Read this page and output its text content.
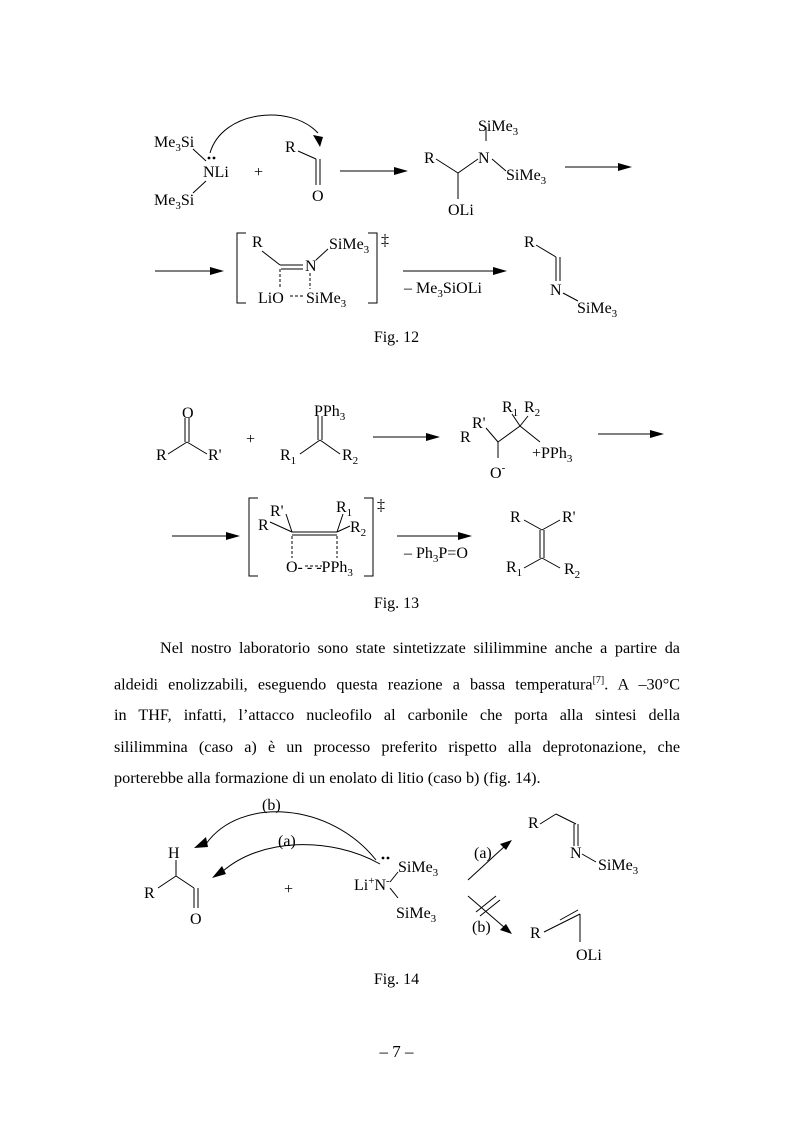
$Me_3Si$
NLi
$Me_3Si$
+
R
O
SiMe$_3$
R	N
SiMe$_3$
OLi
R
N
SiMe$_3$
LiO SiMe$_3$
‡
– $Me_3SiOLi$
R
N
SiMe$_3$
Fig. 12
O
R	R'
+
PPh$_3$
$R_1$	$R_2$
$R_1$ $R_2$
R'
R
+PPh$_3$
O-
R'
R
$R_1$
$R_2$
O- - -PPh$_3$
‡
– $Ph_3P=O$
R	R'
$R_1$	$R_2$
Fig. 13
Nel nostro laboratorio sono state sintetizzate sililimmine anche a partire da
aldeidi enolizzabili, eseguendo questa reazione a bassa temperatura[7]. A –30°C
in THF, infatti, l’attacco nucleofilo al carbonile che porta alla sintesi della
sililimmina (caso a) è un processo preferito rispetto alla deprotonazione, che
porterebbe alla formazione di un enolato di litio (caso b) (fig. 14).
(b)
(a)
H
R
O
+	Li+N-
SiMe$_3$
SiMe$_3$
(a)
(b)
R
N
SiMe$_3$
R
OLi
Fig. 14
– 7 –
